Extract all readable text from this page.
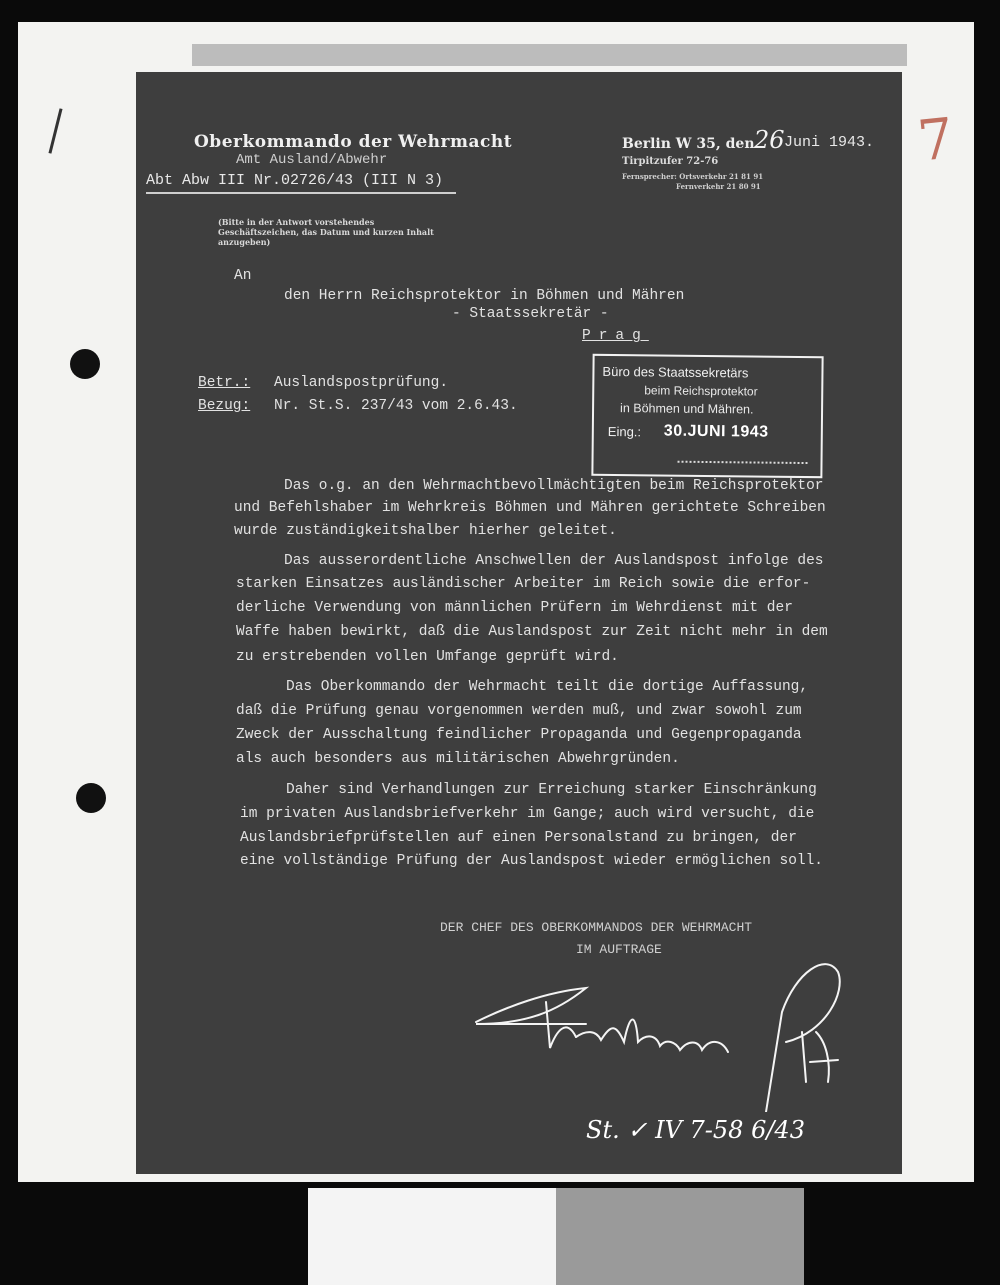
7
Oberkommando der Wehrmacht
Amt Ausland/Abwehr
Abt Abw III Nr.02726/43 (III N 3)
(Bitte in der Antwort vorstehendes Geschäftszeichen, das Datum und kurzen Inhalt anzugeben)
Berlin W 35, den 26 Juni 1943.
Tirpitzufer 72-76
Fernsprecher: Ortsverkehr 21 81 91
Fernverkehr 21 80 91
An
den Herrn Reichsprotektor in Böhmen und Mähren
- Staatssekretär -
Prag
Büro des Staatssekretärs
beim Reichsprotektor
in Böhmen und Mähren.
Eing.: 30.JUNI 1943
Betr.: Auslandspostprüfung.
Bezug: Nr. St.S. 237/43 vom 2.6.43.
Das o.g. an den Wehrmachtbevollmächtigten beim Reichsprotektor
und Befehlshaber im Wehrkreis Böhmen und Mähren gerichtete Schreiben
wurde zuständigkeitshalber hierher geleitet.
Das ausserordentliche Anschwellen der Auslandspost infolge des
starken Einsatzes ausländischer Arbeiter im Reich sowie die erfor-
derliche Verwendung von männlichen Prüfern im Wehrdienst mit der
Waffe haben bewirkt, daß die Auslandspost zur Zeit nicht mehr in dem
zu erstrebenden vollen Umfange geprüft wird.
Das Oberkommando der Wehrmacht teilt die dortige Auffassung,
daß die Prüfung genau vorgenommen werden muß, und zwar sowohl zum
Zweck der Ausschaltung feindlicher Propaganda und Gegenpropaganda
als auch besonders aus militärischen Abwehrgründen.
Daher sind Verhandlungen zur Erreichung starker Einschränkung
im privaten Auslandsbriefverkehr im Gange; auch wird versucht, die
Auslandsbriefprüfstellen auf einen Personalstand zu bringen, der
eine vollständige Prüfung der Auslandspost wieder ermöglichen soll.
DER CHEF DES OBERKOMMANDOS DER WEHRMACHT
IM AUFTRAGE
St. ✓ IV 7-58 6/43
